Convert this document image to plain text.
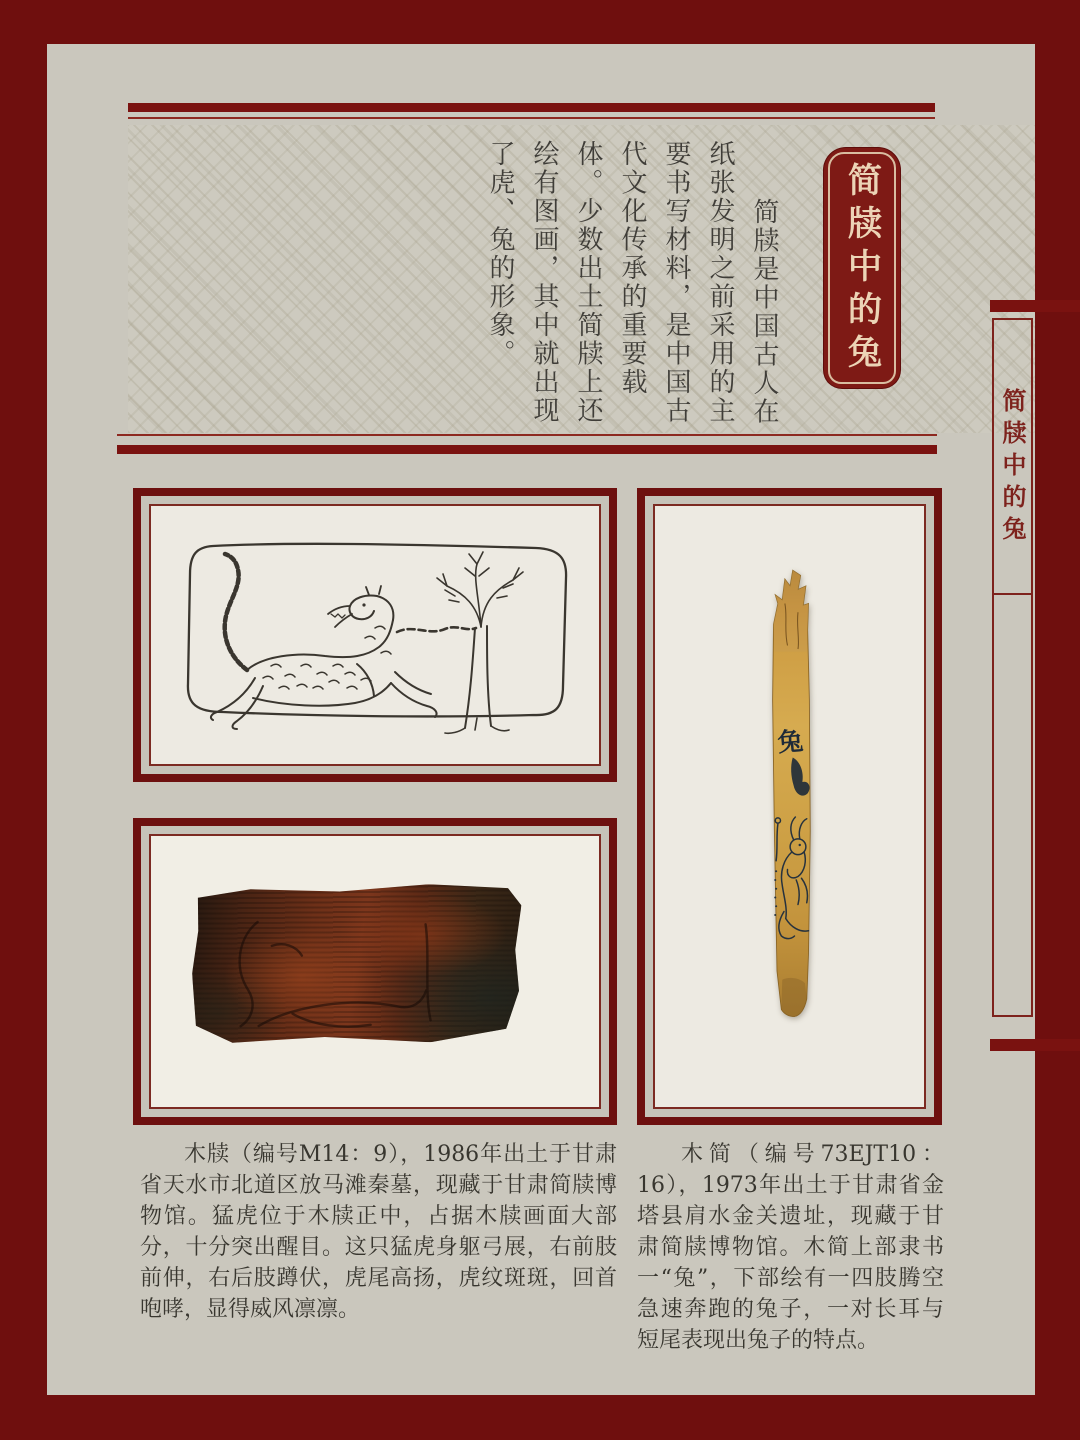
简牍中的兔
简牍是中国古人在纸张发明之前采用的主要书写材料，是中国古代文化传承的重要载体。少数出土简牍上还绘有图画，其中就出现了虎、兔的形象。
兔

木牍（编号M14：9），1986年出土于甘肃省天水市北道区放马滩秦墓，现藏于甘肃简牍博物馆。猛虎位于木牍正中，占据木牍画面大部分，十分突出醒目。这只猛虎身躯弓展，右前肢前伸，右后肢蹲伏，虎尾高扬，虎纹斑斑，回首咆哮，显得威风凛凛。

木简（编号73EJT10：16），1973年出土于甘肃省金塔县肩水金关遗址，现藏于甘肃简牍博物馆。木简上部隶书一“兔”，下部绘有一四肢腾空急速奔跑的兔子，一对长耳与短尾表现出兔子的特点。

简牍中的兔
